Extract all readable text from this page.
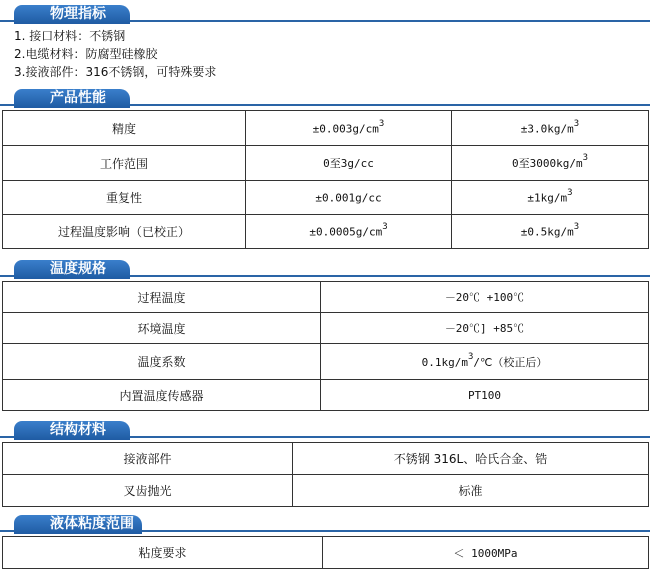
物理指标
1. 接口材料：不锈钢
2.电缆材料：防腐型硅橡胶
3.接液部件：316不锈钢，可特殊要求
产品性能
精度	$\pm 0.003g/cm^3$	$\pm 3.0kg/m^3$
工作范围	0至3g/cc	0至$3000kg/m^3$
重复性	±0.001g/cc	$\pm 1kg/m^3$
过程温度影响（已校正）	$\pm 0.0005g/cm^3$	$\pm 0.5kg/m^3$
温度规格
过程温度	－20℃ +100℃
环境温度	－20℃] +85℃
温度系数	$0.1kg/m^3/℃$（校正后）
内置温度传感器	PT100
结构材料
接液部件	不锈钢 316L、哈氏合金、锆
叉齿抛光	标准
液体粘度范围
粘度要求	＜ 1000MPa
